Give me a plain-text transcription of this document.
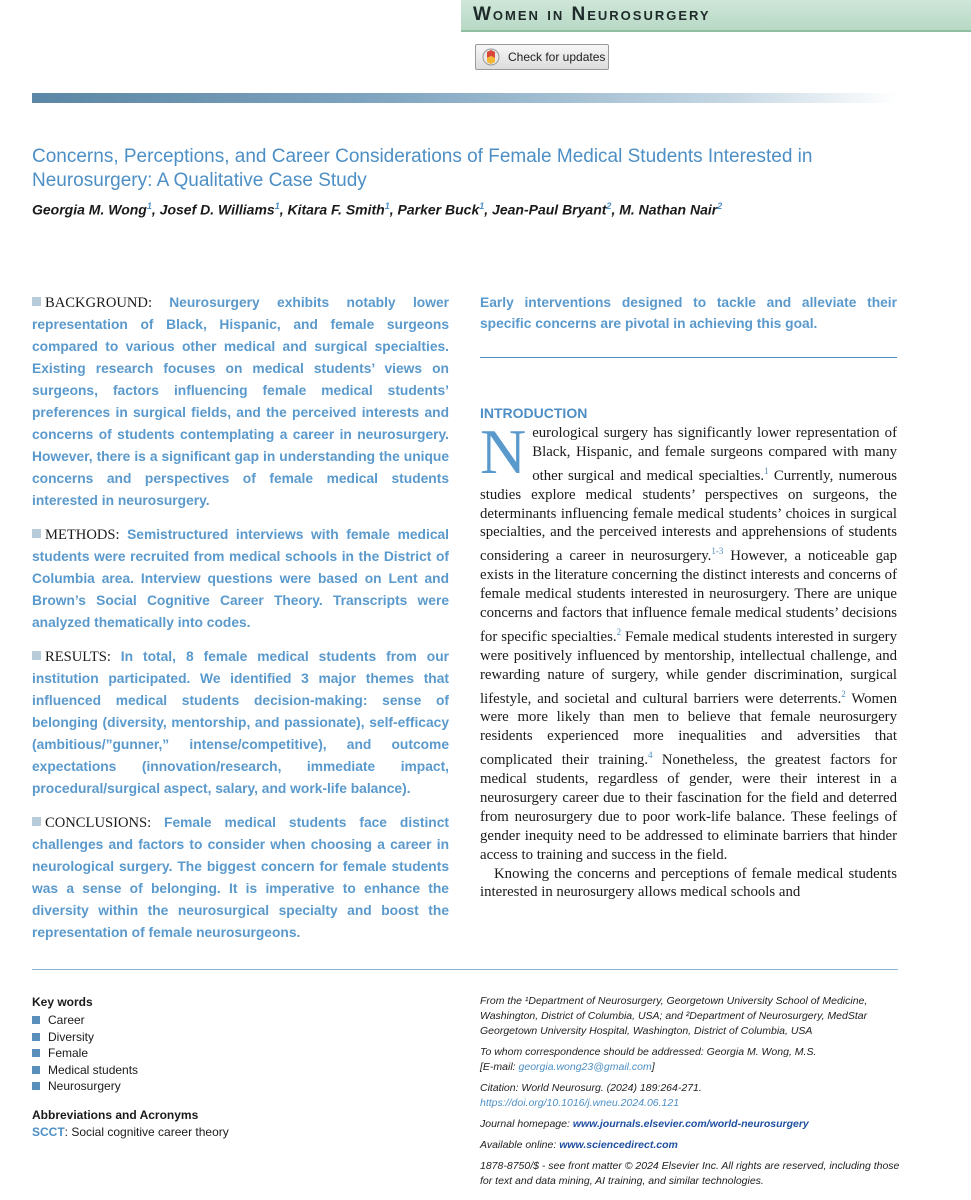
Women in Neurosurgery
Check for updates
Concerns, Perceptions, and Career Considerations of Female Medical Students Interested in Neurosurgery: A Qualitative Case Study
Georgia M. Wong$^1$, Josef D. Williams$^1$, Kitara F. Smith$^1$, Parker Buck$^1$, Jean-Paul Bryant$^2$, M. Nathan Nair$^2$

BACKGROUND: Neurosurgery exhibits notably lower representation of Black, Hispanic, and female surgeons compared to various other medical and surgical specialties. Existing research focuses on medical students’ views on surgeons, factors influencing female medical students’ preferences in surgical fields, and the perceived interests and concerns of students contemplating a career in neurosurgery. However, there is a significant gap in understanding the unique concerns and perspectives of female medical students interested in neurosurgery.

METHODS: Semistructured interviews with female medical students were recruited from medical schools in the District of Columbia area. Interview questions were based on Lent and Brown’s Social Cognitive Career Theory. Transcripts were analyzed thematically into codes.

RESULTS: In total, 8 female medical students from our institution participated. We identified 3 major themes that influenced medical students decision-making: sense of belonging (diversity, mentorship, and passionate), self-efficacy (ambitious/”gunner,” intense/competitive), and outcome expectations (innovation/research, immediate impact, procedural/surgical aspect, salary, and work-life balance).

CONCLUSIONS: Female medical students face distinct challenges and factors to consider when choosing a career in neurological surgery. The biggest concern for female students was a sense of belonging. It is imperative to enhance the diversity within the neurosurgical specialty and boost the representation of female neurosurgeons.

Early interventions designed to tackle and alleviate their specific concerns are pivotal in achieving this goal.
INTRODUCTION

Neurological surgery has significantly lower representation of Black, Hispanic, and female surgeons compared with many other surgical and medical specialties.$^1$ Currently, numerous studies explore medical students’ perspectives on surgeons, the determinants influencing female medical students’ choices in surgical specialties, and the perceived interests and apprehensions of students considering a career in neurosurgery.$^{1-3}$ However, a noticeable gap exists in the literature concerning the distinct interests and concerns of female medical students interested in neurosurgery. There are unique concerns and factors that influence female medical students’ decisions for specific specialties.$^2$ Female medical students interested in surgery were positively influenced by mentorship, intellectual challenge, and rewarding nature of surgery, while gender discrimination, surgical lifestyle, and societal and cultural barriers were deterrents.$^2$ Women were more likely than men to believe that female neurosurgery residents experienced more inequalities and adversities that complicated their training.$^4$ Nonetheless, the greatest factors for medical students, regardless of gender, were their interest in a neurosurgery career due to their fascination for the field and deterred from neurosurgery due to poor work-life balance. These feelings of gender inequity need to be addressed to eliminate barriers that hinder access to training and success in the field.

Knowing the concerns and perceptions of female medical students interested in neurosurgery allows medical schools and

Key words
Career
Diversity
Female
Medical students
Neurosurgery
Abbreviations and Acronyms
SCCT: Social cognitive career theory

From the ¹Department of Neurosurgery, Georgetown University School of Medicine, Washington, District of Columbia, USA; and ²Department of Neurosurgery, MedStar Georgetown University Hospital, Washington, District of Columbia, USA

To whom correspondence should be addressed: Georgia M. Wong, M.S.
[E-mail: georgia.wong23@gmail.com]

Citation: World Neurosurg. (2024) 189:264-271.
https://doi.org/10.1016/j.wneu.2024.06.121

Journal homepage: www.journals.elsevier.com/world-neurosurgery

Available online: www.sciencedirect.com

1878-8750/$ - see front matter © 2024 Elsevier Inc. All rights are reserved, including those for text and data mining, AI training, and similar technologies.
